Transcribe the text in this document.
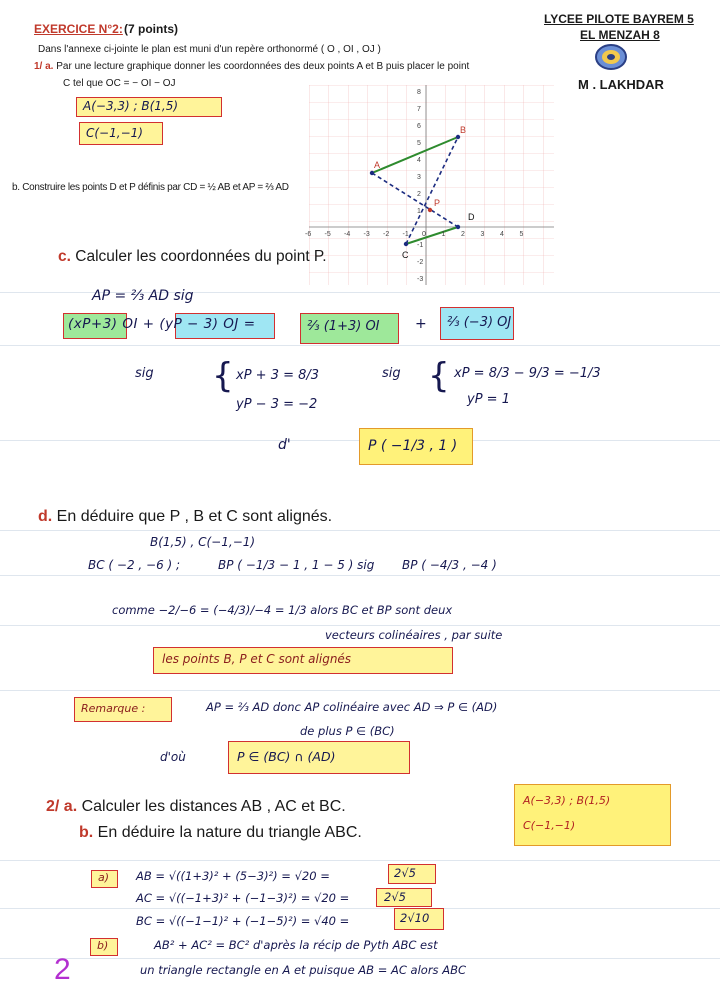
EXERCICE N°2: (7 points)
LYCEE PILOTE BAYREM 5
EL MENZAH 8
M . LAKHDAR
Dans l'annexe ci-jointe le plan est muni d'un repère orthonormé ( O , OI , OJ )
1/ a. Par une lecture graphique donner les coordonnées des deux points A et B puis placer le point
C tel que OC = − OI − OJ
A(−3,3) ; B(1,5)
C(−1,−1)
b. Construire les points D et P définis par CD = ½ AB et AP = ⅔ AD
-6 -5 -4 -3 -2 -1 0 1 2 3 4 5
8
7
6
5
4
3
2
1
-1
-2
-3
A
B
C
D
P
c. Calculer les coordonnées du point P.
AP = ⅔ AD sig
(xP+3) OI + (yP − 3) OJ =	⅔ (1+3) OI	+ ⅔ (−3) OJ
sig { xP + 3 = 8/3
yP − 3 = −2
sig { xP = 8/3 − 9/3 = −1/3
yP = 1
d'	P ( −1/3 , 1 )
d. En déduire que P , B et C sont alignés.
B(1,5) , C(−1,−1)
BC ( −2 , −6 ) ;	BP ( −1/3 − 1 , 1 − 5 ) sig BP ( −4/3 , −4 )
comme −2/−6 = (−4/3)/−4 = 1/3 alors BC et BP sont deux
vecteurs colinéaires , par suite
les points B, P et C sont alignés
Remarque :	AP = ⅔ AD donc AP colinéaire avec AD ⇒ P ∈ (AD)
de plus P ∈ (BC)
d'où	P ∈ (BC) ∩ (AD)
2/ a. Calculer les distances AB , AC et BC.
b. En déduire la nature du triangle ABC.
A(−3,3) ; B(1,5)
C(−1,−1)
a) AB = √((1+3)² + (5−3)²) = √20 =	2√5
AC = √((−1+3)² + (−1−3)²) = √20 =	2√5
BC = √((−1−1)² + (−1−5)²) = √40 =	2√10
b)	AB² + AC² = BC² d'après la récip de Pyth ABC est
un triangle rectangle en A et puisque AB = AC alors ABC
2
